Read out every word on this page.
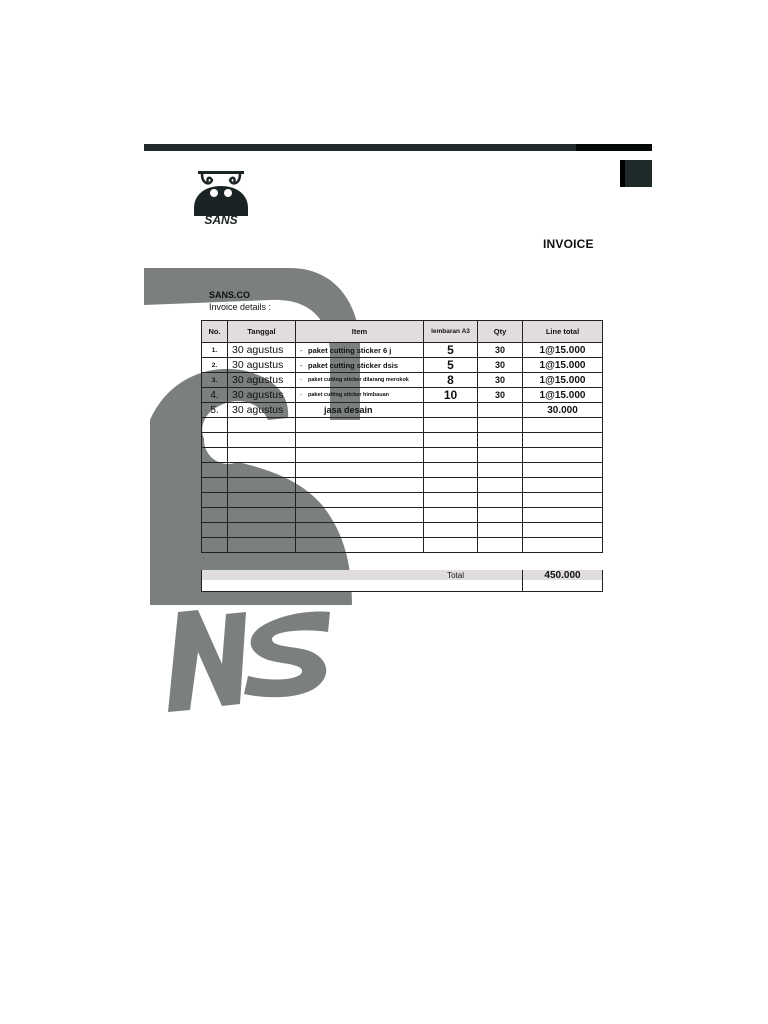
SANS
INVOICE
SANS.CO
Invoice details :
No.	Tanggal	Item	lembaran A3	Qty	Line total
1.	30 agustus	- paket cutting sticker 6 j	5	30	1@15.000
2.	30 agustus	- paket cutting sticker dsis	5	30	1@15.000
3.	30 agustus	- paket cutting sticker dilarang merokok	8	30	1@15.000
4.	30 agustus	- paket cutting sticker himbauan	10	30	1@15.000
5.	30 agustus	jasa desain			30.000

Total	450.000
